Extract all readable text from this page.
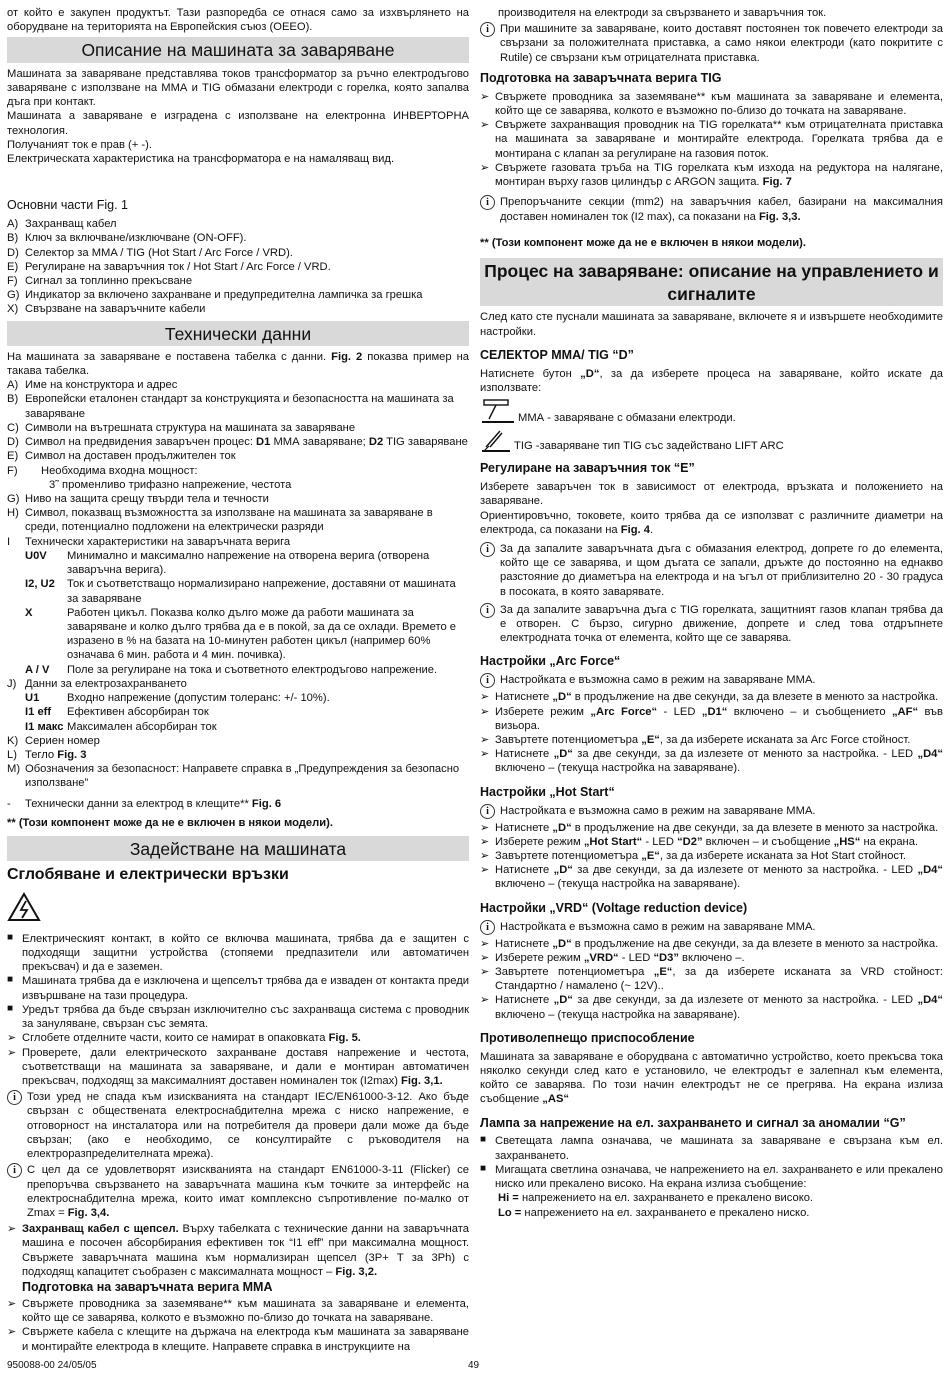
от който е закупен продуктът. Тази разпоредба се отнася само за изхвърлянето на оборудване на територията на Европейския съюз (ОЕЕО).

Описание на машината за заваряване

Машината за заваряване представлява токов трансформатор за ръчно електродъгово заваряване с използване на ММА и TIG обмазани електроди с горелка, която запалва дъга при контакт.

Машината а заваряване е изградена с използване на електронна ИНВЕРТОРНА технология.

Получаният ток е прав (+ -).

Електрическата характеристика на трансформатора е на намаляващ вид.

Основни части Fig. 1
A) Захранващ кабел
B) Ключ за включване/изключване (ON-OFF).
D) Селектор за MMA / TIG (Hot Start / Arc Force / VRD).
E) Регулиране на заваръчния ток / Hot Start / Arc Force / VRD.
F) Сигнал за топлинно прекъсване
G) Индикатор за включено захранване и предупредителна лампичка за грешка
X) Свързване на заваръчните кабели
Технически данни

На машината за заваряване е поставена табелка с данни. Fig. 2 показва пример на такава табелка.

A) Име на конструктора и адрес
B) Европейски еталонен стандарт за конструкцията и безопасността на машината за заваряване
C) Символи на вътрешната структура на машината за заваряване
D) Символ на предвидения заваръчен процес: D1 ММА заваряване; D2 TIG заваряване
E) Символ на доставен продължителен ток
F)	Необходима входна мощност:
3˜ променливо трифазно напрежение, честота
G) Ниво на защита срещу твърди тела и течности
H) Символ, показващ възможността за използване на машината за заваряване в среди, потенциално подложени на електрически разряди
I	Технически характеристики на заваръчната верига
U0V	Минимално и максимално напрежение на отворена верига (отворена заваръчна верига).
I2, U2	Ток и съответстващо нормализирано напрежение, доставяни от машината за заваряване
X	Работен цикъл. Показва колко дълго може да работи машината за заваряване и колко дълго трябва да е в покой, за да се охлади. Времето е изразено в % на базата на 10-минутен работен цикъл (например 60% означава 6 мин. работа и 4 мин. почивка).
A / V	Поле за регулиране на тока и съответното електродъгово напрежение.
J) Данни за електрозахранването
U1	Входно напрежение (допустим толеранс: +/- 10%).
I1 eff	Ефективен абсорбиран ток
I1 макс Максимален абсорбиран ток
K) Сериен номер
L) Тегло Fig. 3
M) Обозначения за безопасност: Направете справка в „Предупреждения за безопасно използване”
-	Технически данни за електрод в клещите** Fig. 6

** (Този компонент може да не е включен в някои модели).

Задействане на машината
Сглобяване и електрически връзки
■ Електрическият контакт, в който се включва машината, трябва да е защитен с подходящи защитни устройства (стопяеми предпазители или автоматичен прекъсвач) и да е заземен.
■ Машината трябва да е изключена и щепселът трябва да е изваден от контакта преди извършване на тази процедура.
■ Уредът трябва да бъде свързан изключително със захранваща система с проводник за зануляване, свързан със земята.
➢ Сглобете отделните части, които се намират в опаковката Fig. 5.
➢ Проверете, дали електрическото захранване доставя напрежение и честота, съответстващи на машината за заваряване, и дали е монтиран автоматичен прекъсвач, подходящ за максималният доставен номинален ток (I2max) Fig. 3,1.
i Този уред не спада към изискванията на стандарт IEC/EN61000-3-12. Ако бъде свързан с обществената електроснабдителна мрежа с ниско напрежение, е отговорност на инсталатора или на потребителя да провери дали може да бъде свързан; (ако е необходимо, се консултирайте с ръководителя на електроразпределителната мрежа).
i С цел да се удовлетворят изискванията на стандарт EN61000-3-11 (Flicker) се препоръчва свързването на заваръчната машина към точките за интерфейс на електроснабдителна мрежа, които имат комплексно съпротивление по-малко от Zmax = Fig. 3,4.
➢ Захранващ кабел с щепсел. Върху табелката с технические данни на заваръчната машина е посочен абсорбирания ефективен ток “I1 eff” при максимална мощност. Свържете заваръчната машина към нормализиран щепсел (3P+ T за 3Ph) с подходящ капацитет съобразен с максималната мощност – Fig. 3,2.
Подготовка на заваръчната верига ММА
➢ Свържете проводника за заземяване** към машината за заваряване и елемента, който ще се заварява, колкото е възможно по-близо до точката на заваряване.
➢ Свържете кабела с клещите на държача на електрода към машината за заваряване и монтирайте електрода в клещите. Направете справка в инструкциите на
950088-00 24/05/05	49

производителя на електроди за свързването и заваръчния ток.

i При машините за заваряване, които доставят постоянен ток повечето електроди за свързани за положителната приставка, а само някои електроди (като покритите с Rutile) се свързани към отрицателната приставка.
Подготовка на заваръчната верига TIG
➢ Свържете проводника за заземяване** към машината за заваряване и елемента, който ще се заварява, колкото е възможно по-близо до точката на заваряване.
➢ Свържете захранващия проводник на TIG горелката** към отрицателната приставка на машината за заваряване и монтирайте електрода. Горелката трябва да е монтирана с клапан за регулиране на газовия поток.
➢ Свържете газовата тръба на TIG горелката към изхода на редуктора на налягане, монтиран върху газов цилиндър с ARGON защита. Fig. 7
i Препоръчаните секции (mm2) на заваръчния кабел, базирани на максималния доставен номинален ток (I2 max), са показани на Fig. 3,3.

** (Този компонент може да не е включен в някои модели).

Процес на заваряване: описание на управлението и сигналите

След като сте пуснали машината за заваряване, включете я и извършете необходимите настройки.

СЕЛЕКТОР ММА/ TIG “D”

Натиснете бутон „D“, за да изберете процеса на заваряване, който искате да използвате:

ММА - заваряване с обмазани електроди.
TIG -заваряване тип TIG със задействано LIFT ARC
Регулиране на заваръчния ток “E”

Изберете заваръчен ток в зависимост от електрода, връзката и положението на заваряване.

Ориентировъчно, токовете, които трябва да се използват с различните диаметри на електрода, са показани на Fig. 4.

i За да запалите заваръчната дъга с обмазания електрод, допрете го до елемента, който ще се заварява, и щом дъгата се запали, дръжте до постоянно на еднакво разстояние до диаметъра на електрода и на ъгъл от приблизително 20 - 30 градуса в посоката, в която заварявате.
i За да запалите заваръчна дъга с TIG горелката, защитният газов клапан трябва да е отворен. С бързо, сигурно движение, допрете и след това отдръпнете електродната точка от елемента, който ще се заварява.
Настройки „Arc Force“
i Настройката е възможна само в режим на заваряване ММА.
➢ Натиснете „D“ в продължение на две секунди, за да влезете в менюто за настройка.
➢ Изберете режим „Arc Force“ - LED „D1“ включено – и съобщението „AF“ във визьора.
➢ Завъртете потенциометъра „E“, за да изберете исканата за Arc Force стойност.
➢ Натиснете „D“ за две секунди, за да излезете от менюто за настройка. - LED „D4“ включено – (текуща настройка на заваряване).
Настройки „Hot Start“
i Настройката е възможна само в режим на заваряване ММА.
➢ Натиснете „D“ в продължение на две секунди, за да влезете в менюто за настройка.
➢ Изберете режим „Hot Start“ - LED “D2” включен – и съобщение „HS“ на екрана.
➢ Завъртете потенциометъра „E“, за да изберете исканата за Hot Start стойност.
➢ Натиснете „D“ за две секунди, за да излезете от менюто за настройка. - LED „D4“ включено – (текуща настройка на заваряване).
Настройки „VRD“ (Voltage reduction device)
i Настройката е възможна само в режим на заваряване ММА.
➢ Натиснете „D“ в продължение на две секунди, за да влезете в менюто за настройка.
➢ Изберете режим „VRD“ - LED “D3” включено –.
➢ Завъртете потенциометъра „E“, за да изберете исканата за VRD стойност: Стандартно / намалено (~ 12V)..
➢ Натиснете „D“ за две секунди, за да излезете от менюто за настройка. - LED „D4“ включено – (текуща настройка на заваряване).
Противолепнещо приспособление

Машината за заваряване е оборудвана с автоматично устройство, което прекъсва тока няколко секунди след като е установило, че електродът е залепнал към елемента, който се заварява. По този начин електродът не се прегрява. На екрана излиза съобщение „AS“

Лампа за напрежение на ел. захранването и сигнал за аномалии “G”
■ Светещата лампа означава, че машината за заваряване е свързана към ел. захранването.
■ Мигащата светлина означава, че напрежението на ел. захранването е или прекалено ниско или прекалено високо. На екрана излиза съобщение:
Hi = напрежението на ел. захранването е прекалено високо.
Lo = напрежението на ел. захранването е прекалено ниско.
